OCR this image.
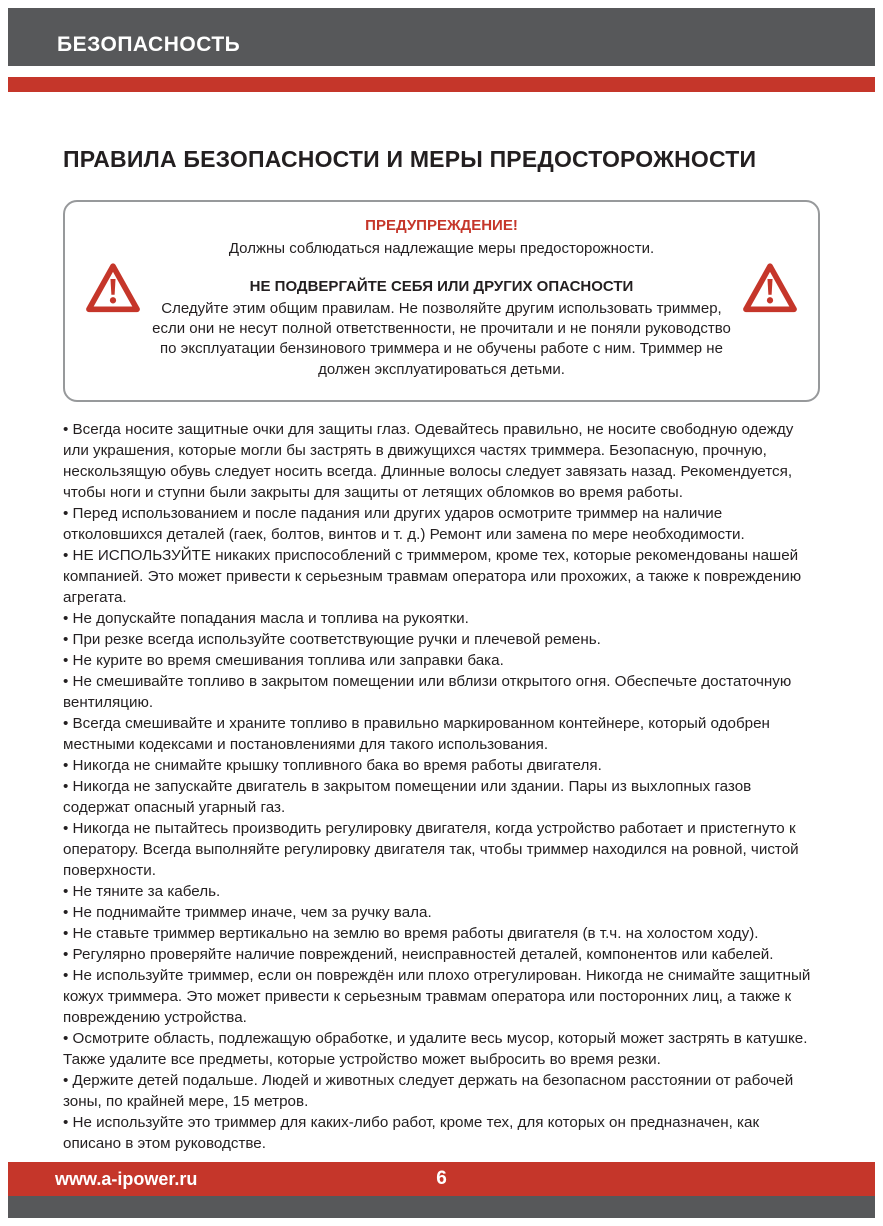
БЕЗОПАСНОСТЬ
ПРАВИЛА БЕЗОПАСНОСТИ И МЕРЫ ПРЕДОСТОРОЖНОСТИ
ПРЕДУПРЕЖДЕНИЕ!
Должны соблюдаться надлежащие меры предосторожности.
НЕ ПОДВЕРГАЙТЕ СЕБЯ ИЛИ ДРУГИХ ОПАСНОСТИ
Следуйте этим общим правилам. Не позволяйте другим использовать триммер, если они не несут полной ответственности, не прочитали и не поняли руководство по эксплуатации бензинового триммера и не обучены работе с ним. Триммер не должен эксплуатироваться детьми.

• Всегда носите защитные очки для защиты глаз. Одевайтесь правильно, не носите свободную одежду или украшения, которые могли бы застрять в движущихся частях триммера. Безопасную, прочную, нескользящую обувь следует носить всегда. Длинные волосы следует завязать назад. Рекомендуется, чтобы ноги и ступни были закрыты для защиты от летящих обломков во время работы.

• Перед использованием и после падания или других ударов осмотрите триммер на наличие отколовшихся деталей (гаек, болтов, винтов и т. д.) Ремонт или замена по мере необходимости.

• НЕ ИСПОЛЬЗУЙТЕ никаких приспособлений с триммером, кроме тех, которые рекомендованы нашей компанией. Это может привести к серьезным травмам оператора или прохожих, а также к повреждению агрегата.

• Не допускайте попадания масла и топлива на рукоятки.

• При резке всегда используйте соответствующие ручки и плечевой ремень.

• Не курите во время смешивания топлива или заправки бака.

• Не смешивайте топливо в закрытом помещении или вблизи открытого огня. Обеспечьте достаточную вентиляцию.

• Всегда смешивайте и храните топливо в правильно маркированном контейнере, который одобрен местными кодексами и постановлениями для такого использования.

• Никогда не снимайте крышку топливного бака во время работы двигателя.

• Никогда не запускайте двигатель в закрытом помещении или здании. Пары из выхлопных газов содержат опасный угарный газ.

• Никогда не пытайтесь производить регулировку двигателя, когда устройство работает и пристегнуто к оператору. Всегда выполняйте регулировку двигателя так, чтобы триммер находился на ровной, чистой поверхности.

• Не тяните за кабель.

• Не поднимайте триммер иначе, чем за ручку вала.

• Не ставьте триммер вертикально на землю во время работы двигателя (в т.ч. на холостом ходу).

• Регулярно проверяйте наличие повреждений, неисправностей деталей, компонентов или кабелей.

• Не используйте триммер, если он повреждён или плохо отрегулирован. Никогда не снимайте защитный кожух триммера. Это может привести к серьезным травмам оператора или посторонних лиц, а также к повреждению устройства.

• Осмотрите область, подлежащую обработке, и удалите весь мусор, который может застрять в катушке. Также удалите все предметы, которые устройство может выбросить во время резки.

• Держите детей подальше. Людей и животных следует держать на безопасном расстоянии от рабочей зоны, по крайней мере, 15 метров.

• Не используйте это триммер для каких-либо работ, кроме тех, для которых он предназначен, как описано в этом руководстве.

www.a-ipower.ru	6
